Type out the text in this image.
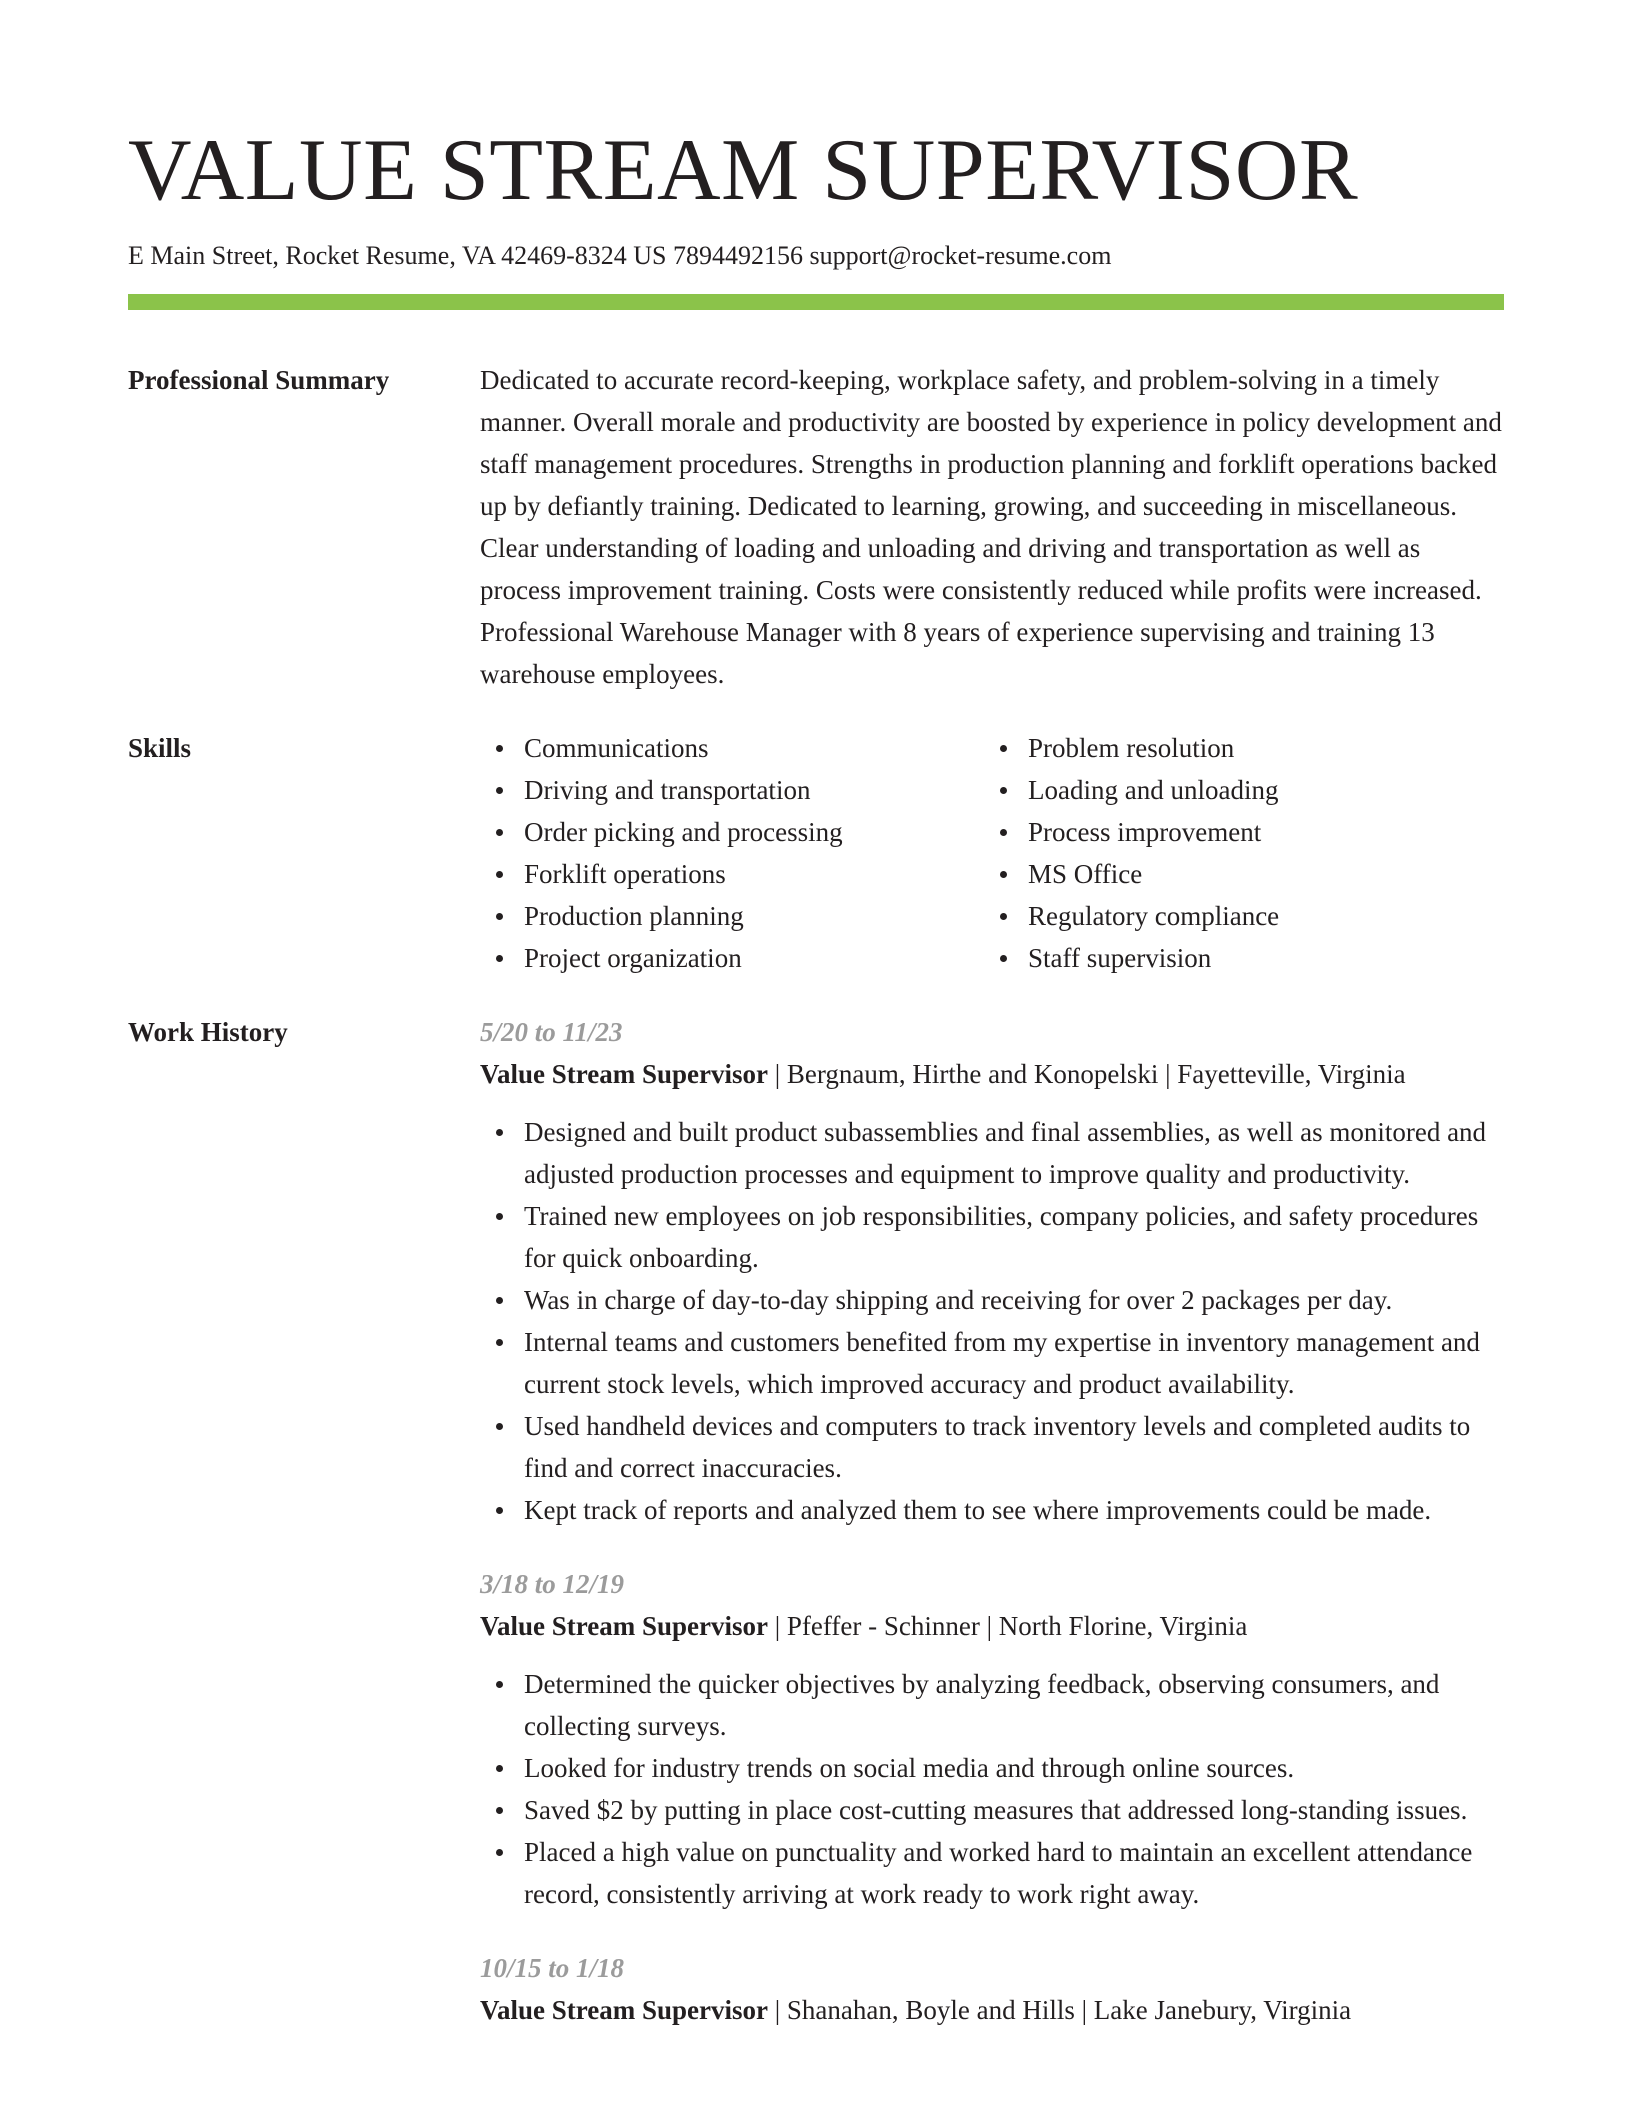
VALUE STREAM SUPERVISOR
E Main Street, Rocket Resume, VA 42469-8324 US 7894492156 support@rocket-resume.com
Professional Summary	Dedicated to accurate record-keeping, workplace safety, and problem-solving in a timely manner. Overall morale and productivity are boosted by experience in policy development and staff management procedures. Strengths in production planning and forklift operations backed up by defiantly training. Dedicated to learning, growing, and succeeding in miscellaneous. Clear understanding of loading and unloading and driving and transportation as well as process improvement training. Costs were consistently reduced while profits were increased. Professional Warehouse Manager with 8 years of experience supervising and training 13 warehouse employees.

Skills	Communications
Driving and transportation
Order picking and processing
Forklift operations
Production planning
Project organization
Problem resolution
Loading and unloading
Process improvement
MS Office
Regulatory compliance
Staff supervision
Work History	5/20 to 11/23
Value Stream Supervisor | Bergnaum, Hirthe and Konopelski | Fayetteville, Virginia
Designed and built product subassemblies and final assemblies, as well as monitored and adjusted production processes and equipment to improve quality and productivity.
Trained new employees on job responsibilities, company policies, and safety procedures for quick onboarding.
Was in charge of day-to-day shipping and receiving for over 2 packages per day.
Internal teams and customers benefited from my expertise in inventory management and current stock levels, which improved accuracy and product availability.
Used handheld devices and computers to track inventory levels and completed audits to find and correct inaccuracies.
Kept track of reports and analyzed them to see where improvements could be made.
3/18 to 12/19
Value Stream Supervisor | Pfeffer - Schinner | North Florine, Virginia
Determined the quicker objectives by analyzing feedback, observing consumers, and collecting surveys.
Looked for industry trends on social media and through online sources.
Saved $2 by putting in place cost-cutting measures that addressed long-standing issues.
Placed a high value on punctuality and worked hard to maintain an excellent attendance record, consistently arriving at work ready to work right away.
10/15 to 1/18
Value Stream Supervisor | Shanahan, Boyle and Hills | Lake Janebury, Virginia
